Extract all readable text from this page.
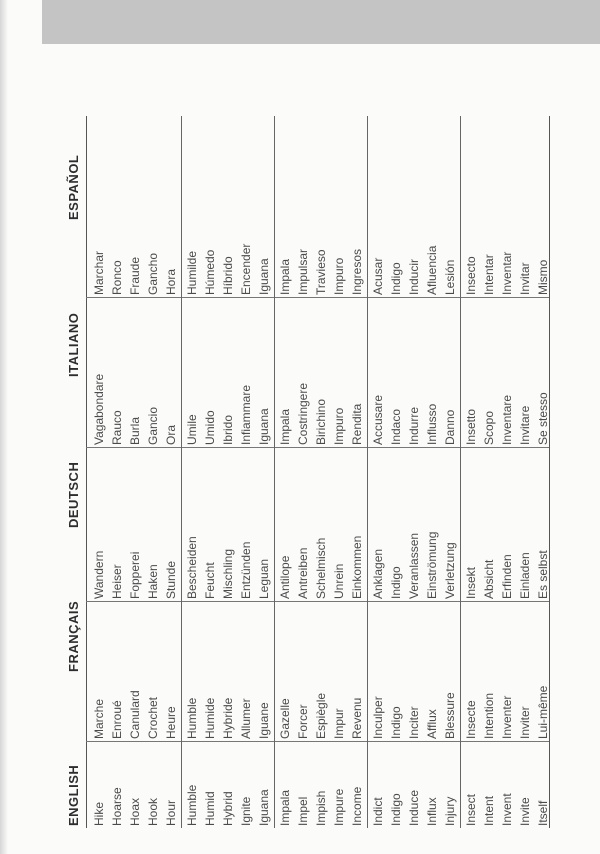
ENGLISH
FRANÇAIS
DEUTSCH
ITALIANO
ESPAÑOL
Hike
Marche
Wandern
Vagabondare
Marchar
Hoarse
Enroué
Heiser
Rauco
Ronco
Hoax
Canulard
Fopperei
Burla
Fraude
Hook
Crochet
Haken
Gancio
Gancho
Hour
Heure
Stunde
Ora
Hora
Humble
Humble
Bescheiden
Umile
Humilde
Humid
Humide
Feucht
Umido
Húmedo
Hybrid
Hybride
Mischling
Ibrido
Híbrido
Ignite
Allumer
Entzünden
Infiammare
Encender
Iguana
Iguane
Leguan
Iguana
Iguana
Impala
Gazelle
Antilope
Impala
Impala
Impel
Forcer
Antreiben
Costringere
Impulsar
Impish
Espiègle
Schelmisch
Birichino
Travieso
Impure
Impur
Unrein
Impuro
Impuro
Income
Revenu
Einkommen
Rendita
Ingresos
Indict
Inculper
Anklagen
Accusare
Acusar
Indigo
Indigo
Indigo
Indaco
Indigo
Induce
Inciter
Veranlassen
Indurre
Inducir
Influx
Afflux
Einströmung
Influsso
Afluencia
Injury
Blessure
Verletzung
Danno
Lesión
Insect
Insecte
Insekt
Insetto
Insecto
Intent
Intention
Absicht
Scopo
Intentar
Invent
Inventer
Erfinden
Inventare
Inventar
Invite
Inviter
Einladen
Invitare
Invitar
Itself
Lui-même
Es selbst
Se stesso
Mismo
